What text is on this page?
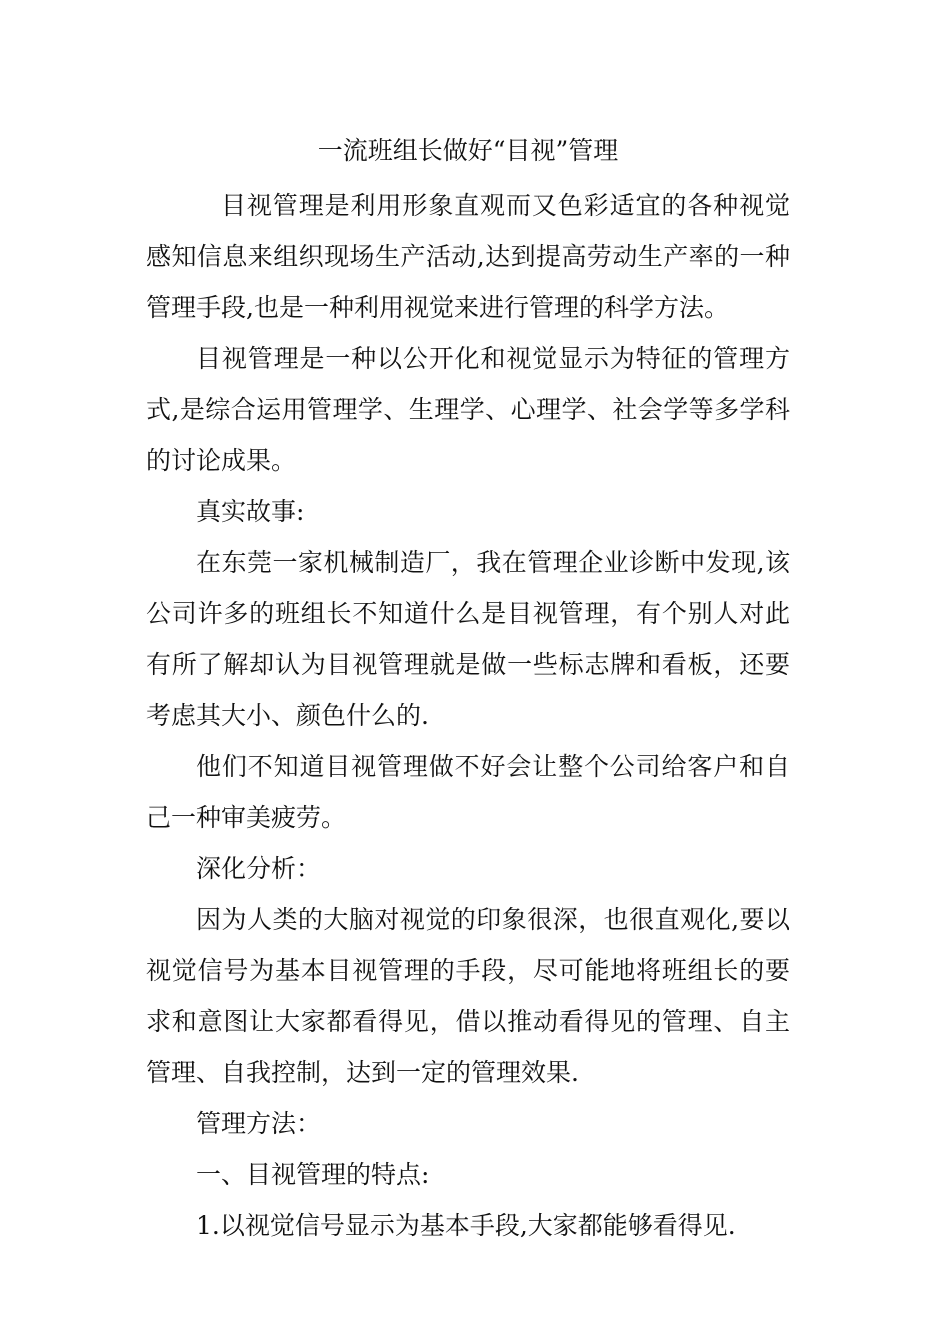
一流班组长做好“目视”管理

目视管理是利用形象直观而又色彩适宜的各种视觉感知信息来组织现场生产活动,达到提高劳动生产率的一种管理手段,也是一种利用视觉来进行管理的科学方法。

目视管理是一种以公开化和视觉显示为特征的管理方式,是综合运用管理学、生理学、心理学、社会学等多学科的讨论成果。

真实故事:

在东莞一家机械制造厂，我在管理企业诊断中发现,该公司许多的班组长不知道什么是目视管理，有个别人对此有所了解却认为目视管理就是做一些标志牌和看板，还要考虑其大小、颜色什么的.

他们不知道目视管理做不好会让整个公司给客户和自己一种审美疲劳。

深化分析：

因为人类的大脑对视觉的印象很深，也很直观化,要以视觉信号为基本目视管理的手段，尽可能地将班组长的要求和意图让大家都看得见，借以推动看得见的管理、自主管理、自我控制，达到一定的管理效果.

管理方法：

一、目视管理的特点:

1.以视觉信号显示为基本手段,大家都能够看得见.
